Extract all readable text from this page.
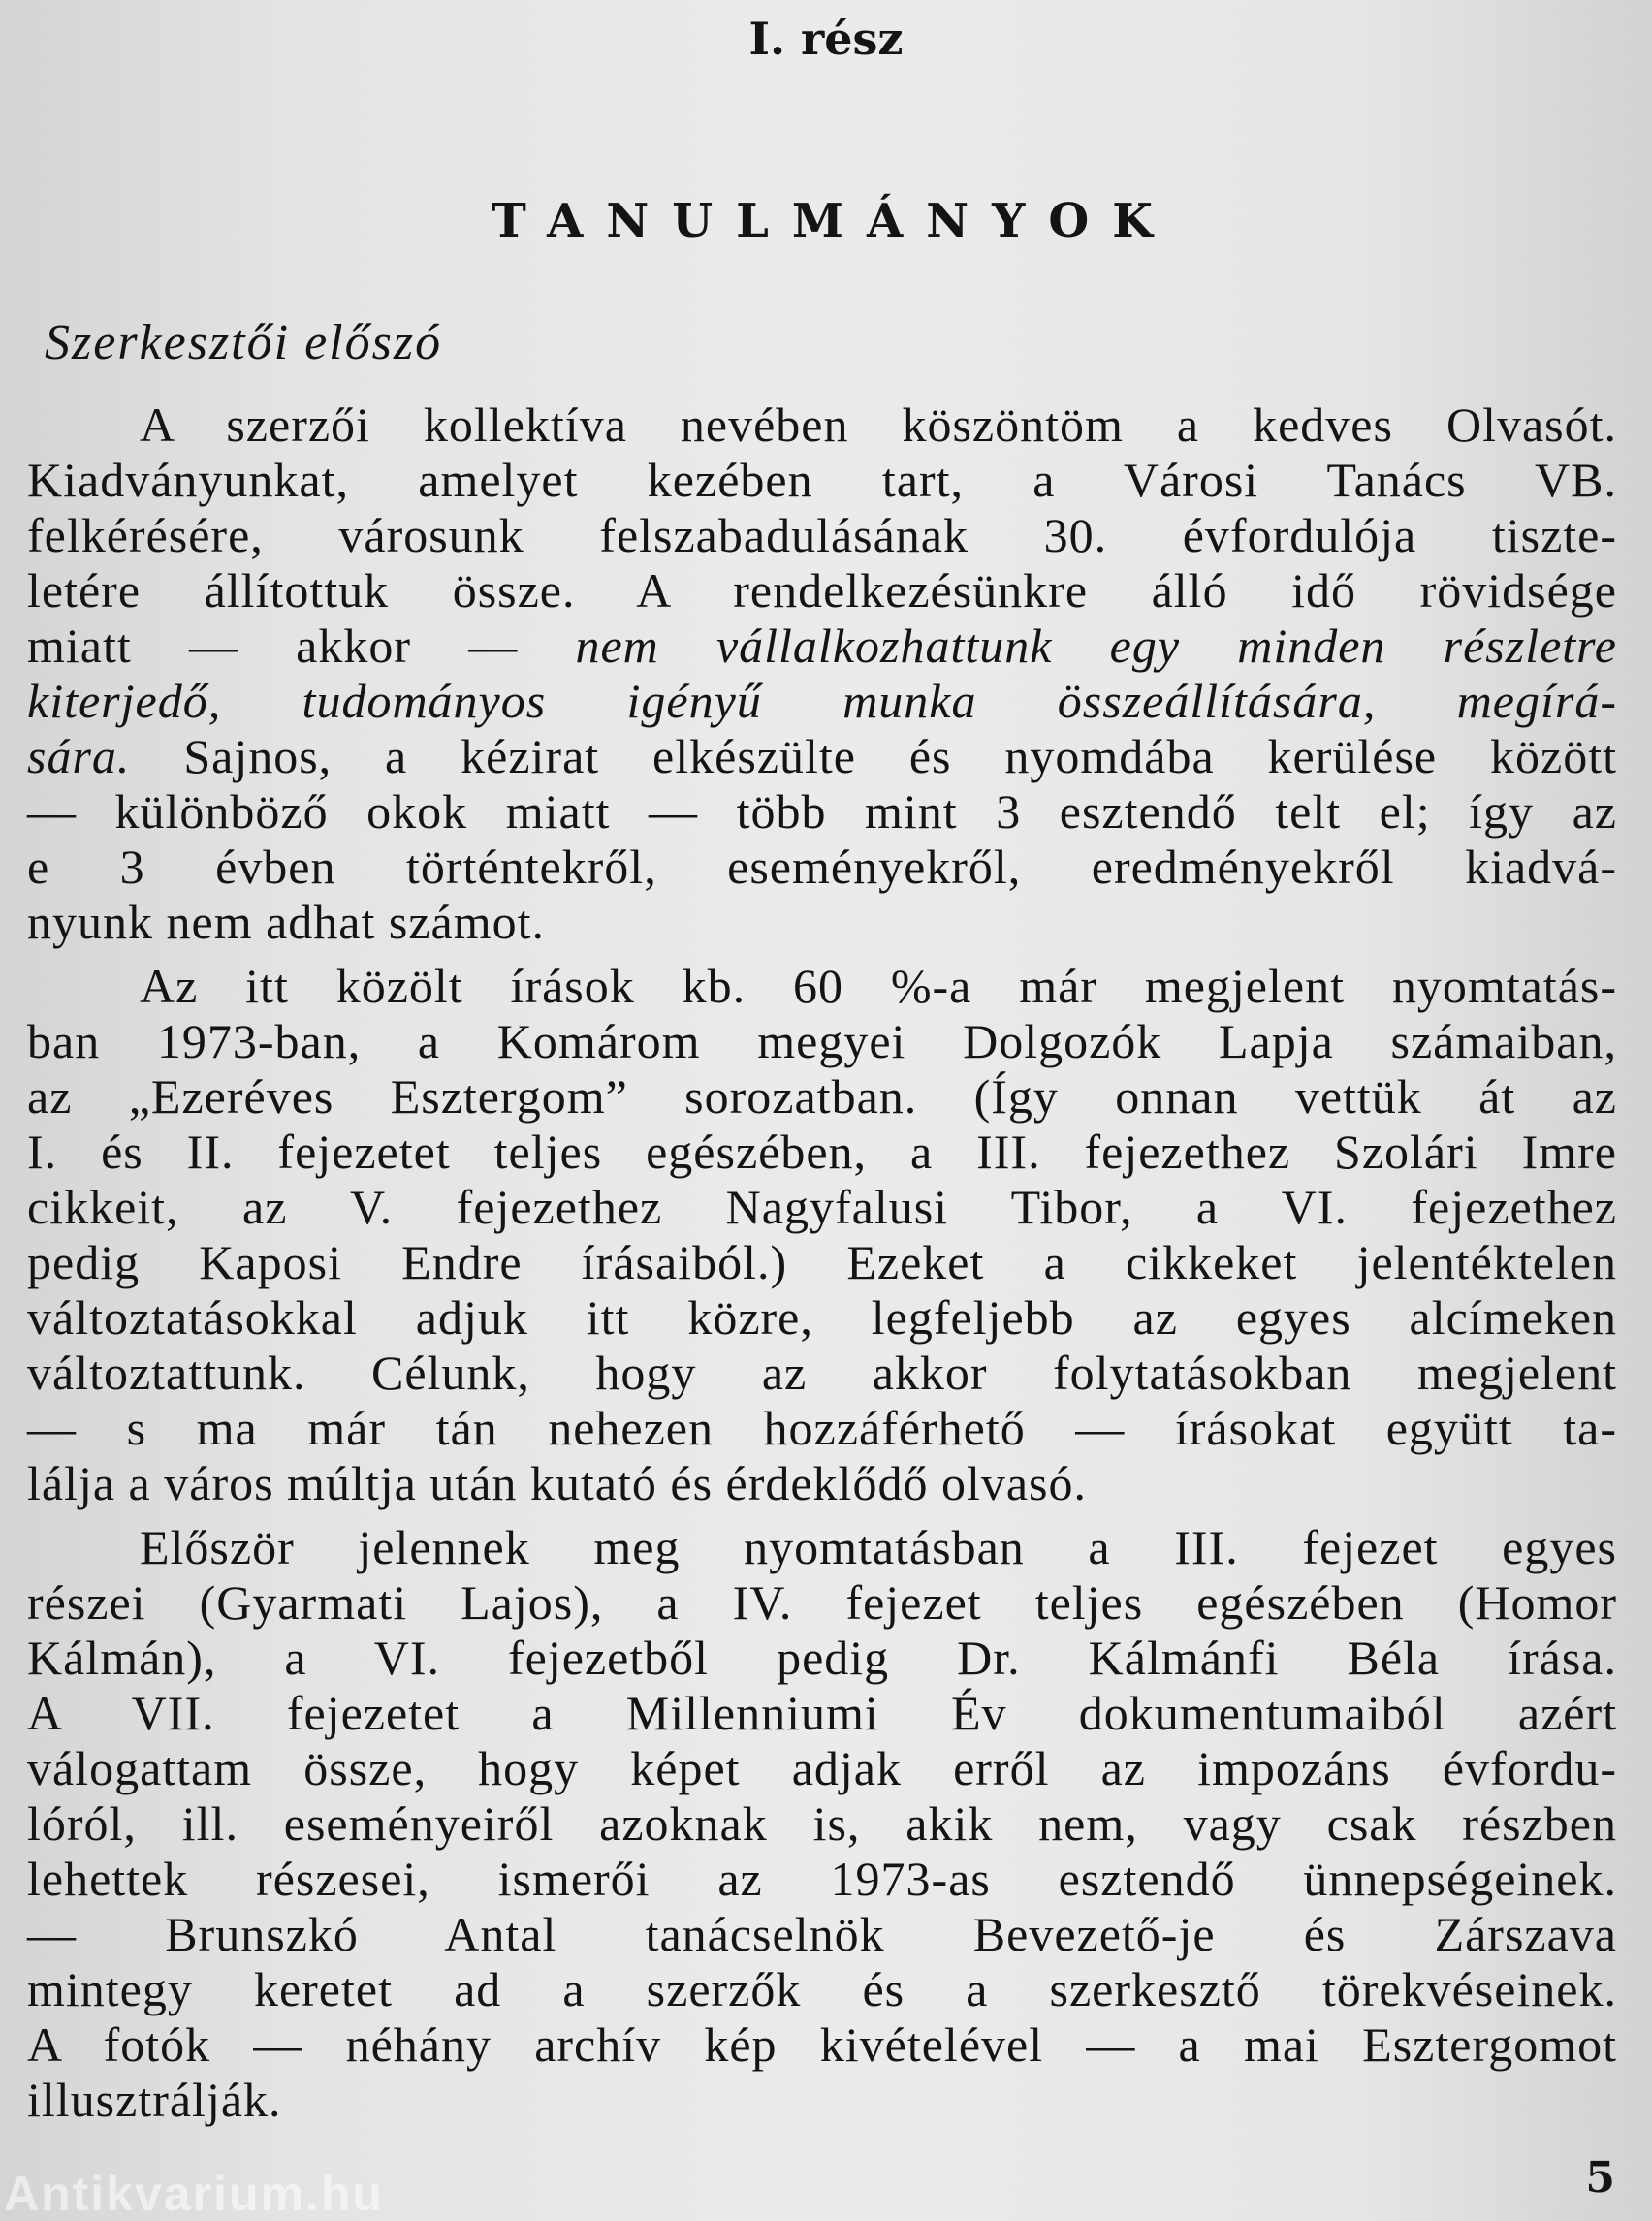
I. rész
TANULMÁNYOK
Szerkesztői előszó
A szerzői kollektíva nevében köszöntöm a kedves Olvasót.
Kiadványunkat, amelyet kezében tart, a Városi Tanács VB.
felkérésére, városunk felszabadulásának 30. évfordulója tiszte-
letére állítottuk össze. A rendelkezésünkre álló idő rövidsége
miatt — akkor — nem vállalkozhattunk egy minden részletre
kiterjedő, tudományos igényű munka összeállítására, megírá-
sára. Sajnos, a kézirat elkészülte és nyomdába kerülése között
— különböző okok miatt — több mint 3 esztendő telt el; így az
e 3 évben történtekről, eseményekről, eredményekről kiadvá-
nyunk nem adhat számot.
Az itt közölt írások kb. 60 %-a már megjelent nyomtatás-
ban 1973-ban, a Komárom megyei Dolgozók Lapja számaiban,
az „Ezeréves Esztergom” sorozatban. (Így onnan vettük át az
I. és II. fejezetet teljes egészében, a III. fejezethez Szolári Imre
cikkeit, az V. fejezethez Nagyfalusi Tibor, a VI. fejezethez
pedig Kaposi Endre írásaiból.) Ezeket a cikkeket jelentéktelen
változtatásokkal adjuk itt közre, legfeljebb az egyes alcímeken
változtattunk. Célunk, hogy az akkor folytatásokban megjelent
— s ma már tán nehezen hozzáférhető — írásokat együtt ta-
lálja a város múltja után kutató és érdeklődő olvasó.
Először jelennek meg nyomtatásban a III. fejezet egyes
részei (Gyarmati Lajos), a IV. fejezet teljes egészében (Homor
Kálmán), a VI. fejezetből pedig Dr. Kálmánfi Béla írása.
A VII. fejezetet a Millenniumi Év dokumentumaiból azért
válogattam össze, hogy képet adjak erről az impozáns évfordu-
lóról, ill. eseményeiről azoknak is, akik nem, vagy csak részben
lehettek részesei, ismerői az 1973-as esztendő ünnepségeinek.
— Brunszkó Antal tanácselnök Bevezető-je és Zárszava
mintegy keretet ad a szerzők és a szerkesztő törekvéseinek.
A fotók — néhány archív kép kivételével — a mai Esztergomot
illusztrálják.
5
Antikvarium.hu
